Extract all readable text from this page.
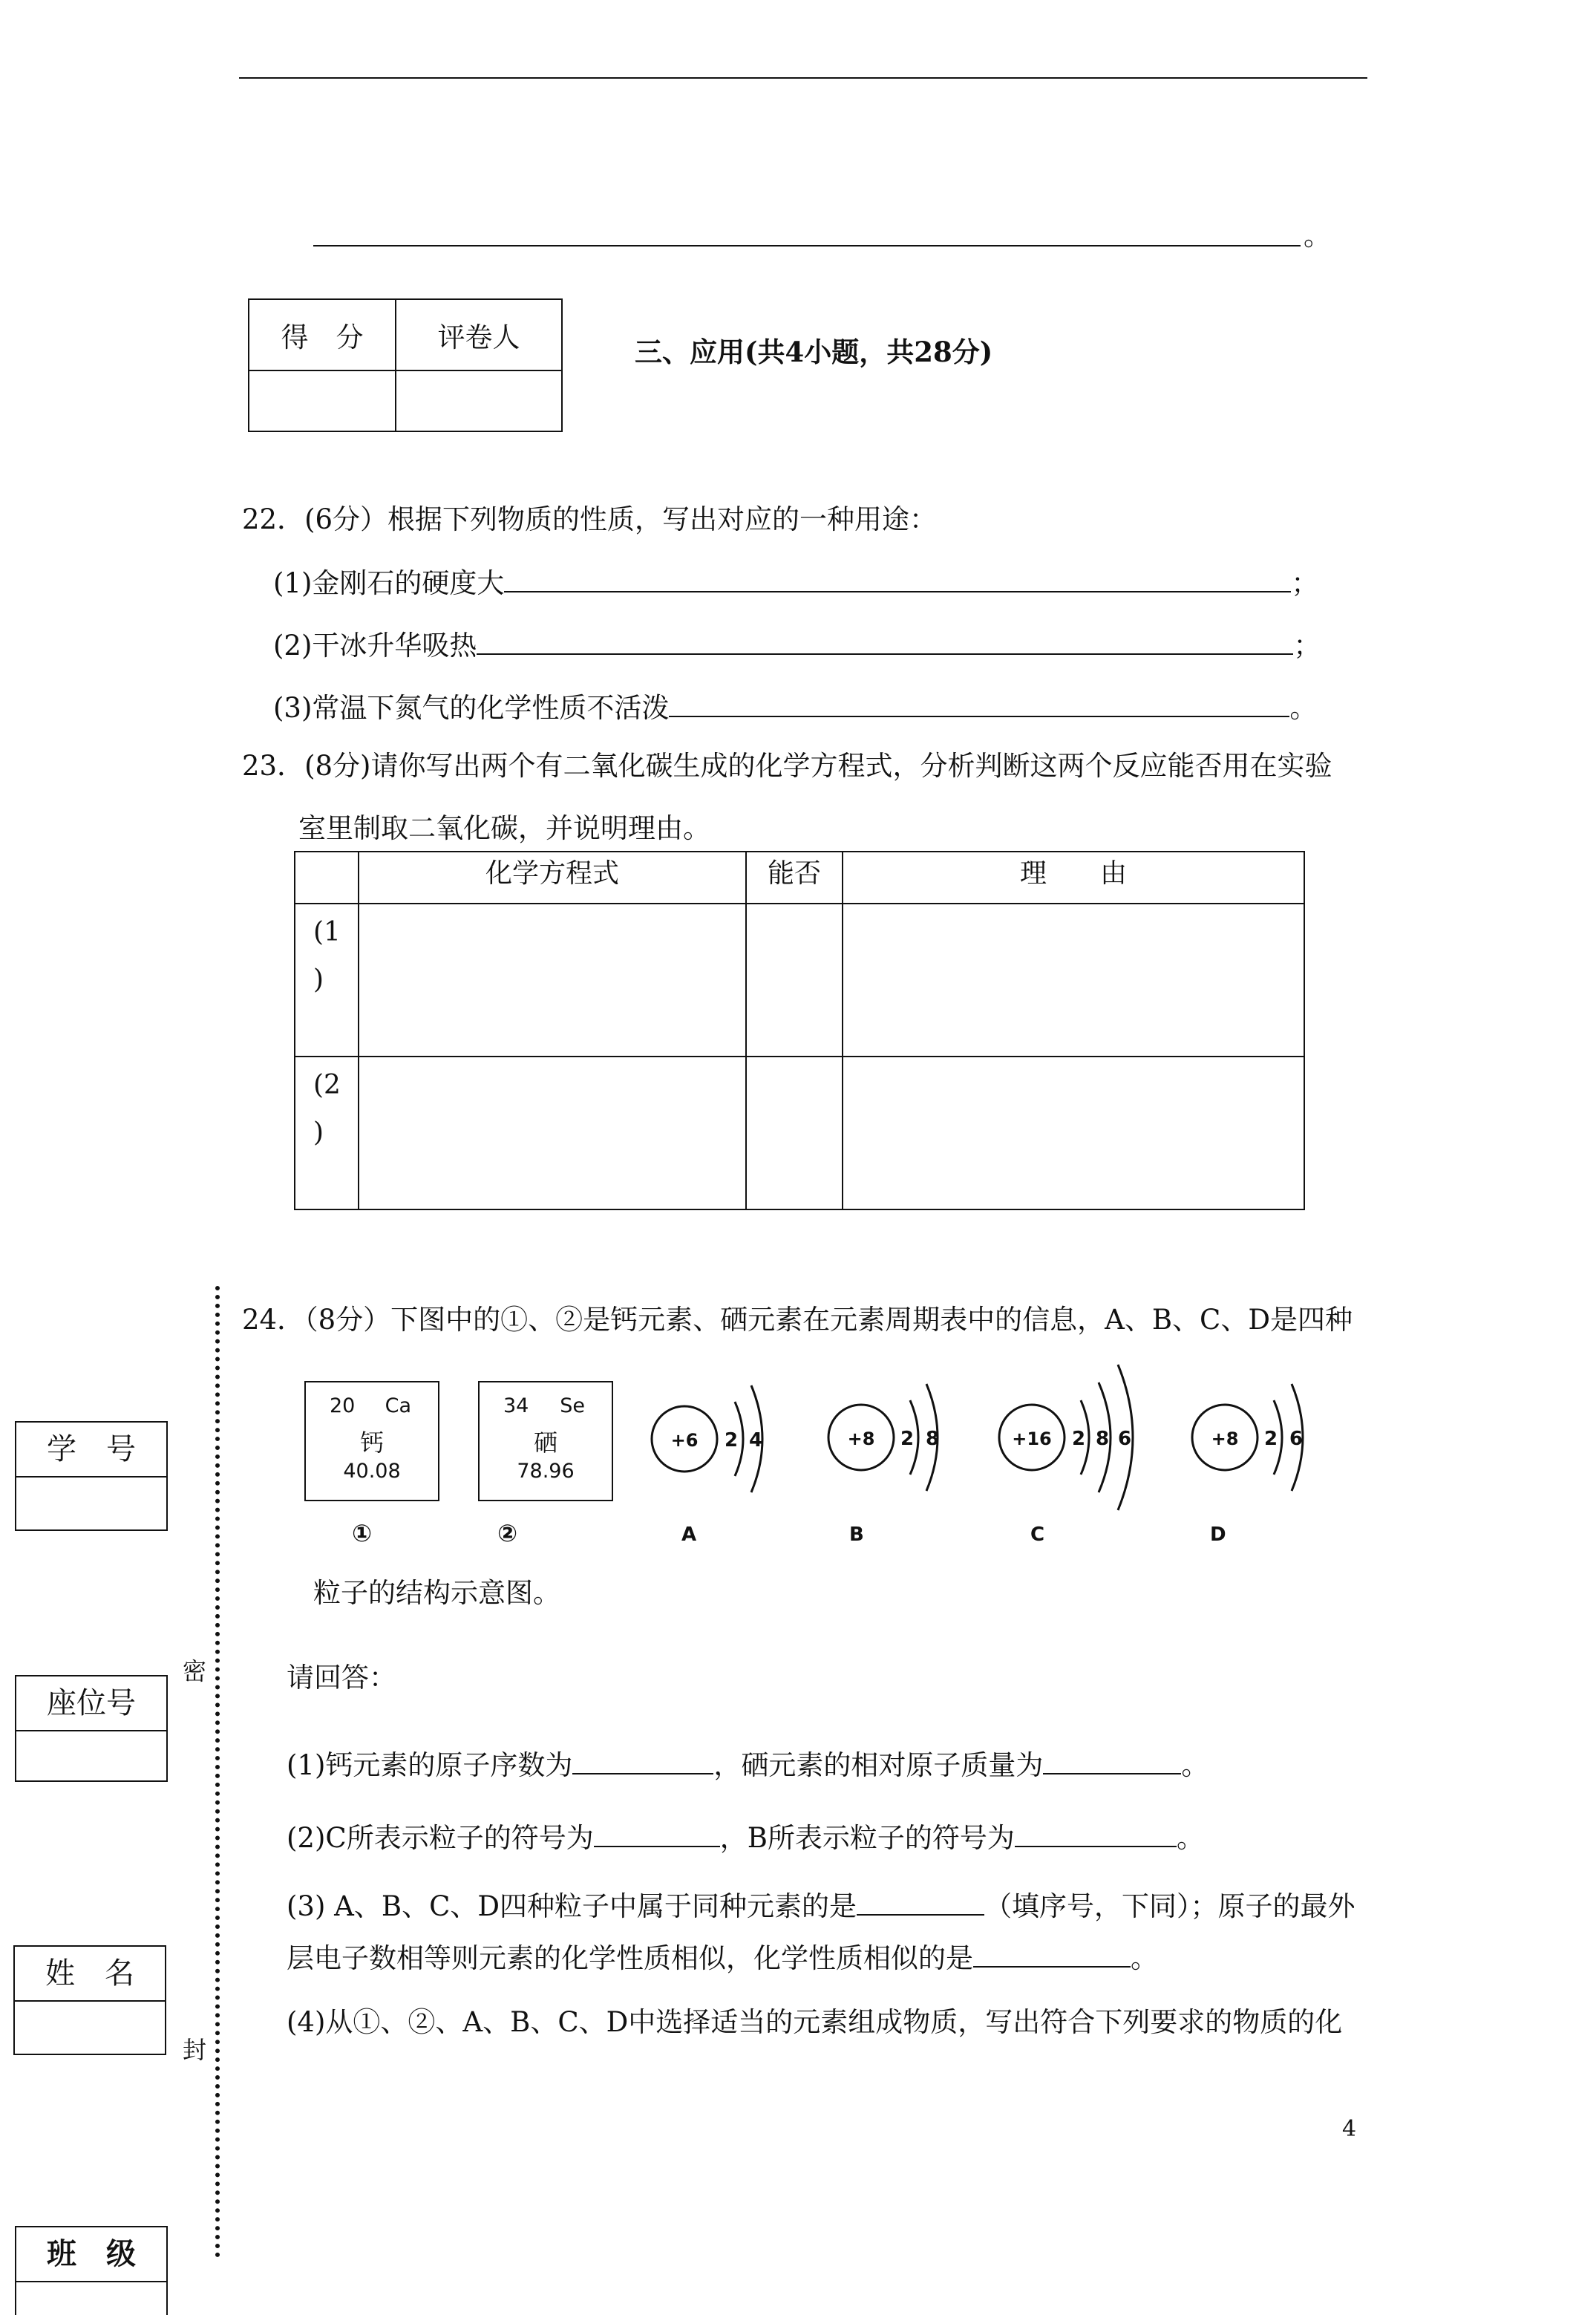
。
得　分	评卷人
		三、应用(共4小题，共28分)
22．(6分）根据下列物质的性质，写出对应的一种用途：
(1)金刚石的硬度大	；
(2)干冰升华吸热	；
(3)常温下氮气的化学性质不活泼	。
23．(8分)请你写出两个有二氧化碳生成的化学方程式，分析判断这两个反应能否用在实验
室里制取二氧化碳，并说明理由。
	化学方程式	能否	理　　由

(1
)			

(2
)			

密
封
学　号
座位号
姓　名
班　级
24．（8分）下图中的①、②是钙元素、硒元素在元素周期表中的信息，A、B、C、D是四种
20 Ca
钙
40.08
34 Se
硒
78.96
①	②
+6 2 4	+8 2 8	+16 2 8 6	+8 2 6
A	B	C	D
粒子的结构示意图。
请回答：
(1)钙元素的原子序数为	，硒元素的相对原子质量为	。
(2)C所表示粒子的符号为	，B所表示粒子的符号为	。
(3) A、B、C、D四种粒子中属于同种元素的是	（填序号，下同）；原子的最外
层电子数相等则元素的化学性质相似，化学性质相似的是	。
(4)从①、②、A、B、C、D中选择适当的元素组成物质，写出符合下列要求的物质的化
4
